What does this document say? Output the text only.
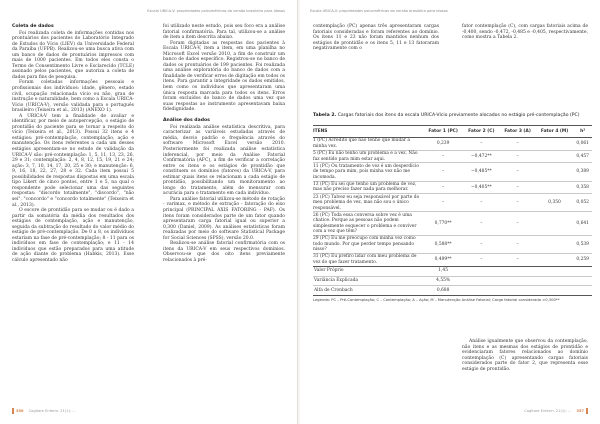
Escala UBICA-V: propriedades psicométricas da versão brasileira para idosos
Coleta de dados

Foi realizada coleta de informações contidas nos prontuários dos pacientes do Laboratório Integrado de Estudos do Vício (LIEV) da Universidade Federal da Paraíba (UFPB). Realizou-se uma busca ativa com um banco de dados de prontuários impressos com mais de 1000 pacientes. Em todos eles consta o Termo de Consentimento Livre e Esclarecido (TCLE) assinado pelos pacientes, que autoriza a coleta de dados para fins de pesquisa.

Foram coletadas informações pessoais e profissionais dos indivíduos: idade, gênero, estado civil, ocupação relacionada vício ou não, grau de instrução e naturalidade, bem como a Escala URICA-Vício (URICA-V), versão validada para o português brasileiro (Teixeira et al., 2013) (ANEXO 1).

A URICA-V tem a finalidade de avaliar e identificar, por meio de autopercepção, o estágio de prontidão do paciente para se tornar a respeito do vício (Teixeira et al., 2013). Possui 32 itens e 4 estágios: pré-contemplação, contemplação, ação e manutenção. Os itens referentes a cada um desses estágios apresentam-se no estudo de validação da URICA-V são: pré-contemplação: 1, 5, 11, 13, 23, 26, 29 e 31; contemplação: 2, 4, 8, 12, 15, 19, 21 e 24; ação: 3, 7, 10, 14, 17, 20, 25 e 30; e manutenção: 6, 9, 16, 18, 22, 27, 28 e 32. Cada item possui 5 possibilidades de respostas dispostas em uma escala tipo Likert de cinco pontos, entre 1 e 5, na qual o respondente pode selecionar uma das seguintes respostas: "discordo totalmente", "discordo", "não sei", "concordo" e "concordo totalmente" (Teixeira et al., 2013).

O escore de prontidão para se mudar ou é dado a partir da somatória da média dos resultados dos estágios de contemplação, ação e manutenção, seguida da subtração do resultado do valor médio do estágio de pré-contemplação. De 0 a 8, os indivíduos estariam na fase de pré-contemplação; 8 - 11 para os indivíduos em fase de contemplação; e 11 - 14 indivíduos que estão preparados para uma atitude de ação diante do problema (Habkis, 2013). Esse cálculo apresentado não

foi utilizado neste estudo, pois seu foco era a análise fatorial confirmatória. Para tal, utilizou-se a análise de item a item descrita abaixo.

Foram digitadas as respostas dos pacientes à Escala URICA-V, item a item, em uma planilha no Microsoft Excel versão 2010, a fim de construir um banco de dados específico. Registrou-se no banco de dados os prontuários de 199 pacientes. Foi realizada uma análise exploratória do banco de dados com a finalidade de verificar erros de digitação em todos os itens. Para garantir a integridade os dados emitidos, bem como os indivíduos que apresentaram uma única resposta marcada para todos os itens. Erros foram excluídos do banco de dados uma vez que suas respostas ao instrumento apresentavam baixa fidedignidade.

Análise dos dados

Foi realizada análise estatística descritiva, para caracterizar as variáveis estudadas através de média, desvio padrão e frequência através do software Microsoft Excel versão 2010. Posteriormente foi realizada análise estatística inferencial, por meio da Análise Fatorial Confirmatória (AFC), a fim de verificar a correlação entre os itens e os estágios de prontidão que constituem os domínios (fatores) da URICA-V, para estimar quais itens se relacionam a cada estágio de prontidão, possibilitando um monitoramento ao longo do tratamento, além de mensurar com acurácia para o tratamento em cada indivíduo.

Para análise fatorial utilizou-se método de rotação - varimax, e método de extração - fatoração do eixo principal (PRINCIPAL AXIS FATORING - PAF). Os itens foram considerados parte de um fator quando apresentaram carga fatorial igual ou superior a 0,300 (Daniel, 2009). As análises estatísticas foram realizadas por meio do software Statistical Package for Social Sciences (SPSS), versão 20.0.

Realizou-se análise fatorial confirmatória com os itens da URICA-V em seus respectivos domínios. Observou-se que dos oito itens previamente relacionados à pré-

356 Cogitare Enferm. 21(1): ...
Escala UBICA-V: propriedades psicométricas da versão brasileira para idosos

contemplação (PC) apenas três apresentaram cargas fatoriais consideradas e foram referentes ao domínio. Os itens 11 e 23 não foram mantidos nenhum dos estágios de prontidão e os itens 5, 11 e 13 fatoraram negativamente com o

fator contemplação (C), com cargas fatoriais acima de -0,400, sendo -0,472, -0,485 e -0,405, respectivamente, como mostra a Tabela 2.

Tabela 2. Cargas fatoriais dos itens da escala URICA-Vício previamente alocados no estágio pré-contemplação (PC)
ITENS	Fator 1 (PC)	Fator 2 (C)	Fator 3 (A)	Fator 4 (M)	h²
1 (PC) Acredito que não tenho que mudar a minha vez.	0,239	–	–		0,061
5 (PC) Eu não tenho um problema e a vez. Não faz sentido para mim estar aqui.	–	−0,472**	–		0,457
11 (PC) Ou tratamento de vez é um desperdício de tempo para mim, pois minha vez não me incomoda.	–	−0,485**	–		0,389
13 (PC) Eu sei que tenho um problema de vez, mas não preciso fazer nada para melhorar.	–	−0,405**	–		0,358
23 (PC) Talvez eu seja responsável por parte do meu problema de vez, mas não sou o único responsável.	–	–	–	0,350	0,052
26 (PC) Toda essa conversa sobre vez é uma chatice. Porque as pessoas não podem simplesmente esquecer o problema e conviver com a vez que têm?	0,770**	–	–		0,641
29 (PC) Eu me preocupo com minha vez como todo mundo. Por que perder tempo pensando nisso?	0,588**	–	–		0,539
31 (PC) Eu prefiro lidar com meu problema de vez do que fazer tratamento.	0,499**	–	–		0,259
Valor Próprio	1,45				
Variância Explicada	4,55%				
Alfa de Cronbach	0,688				
Legenda: PC – Pré-Contemplação; C – Contemplação; A – Ação; M – Manutenção Análise Fatorial; Carga fatorial considerada >0,300**

Análise igualmente que observou da contemplação, não itens e as mesmas dos estágios de prontidão e evidenciaram fatores relacionados ao domínio contemplação (C) apresentando cargas fatoriais considerados parte do fator 2, que representa esse estágio de prontidão.

Cogitare Enferm. 21(1): ... 357
